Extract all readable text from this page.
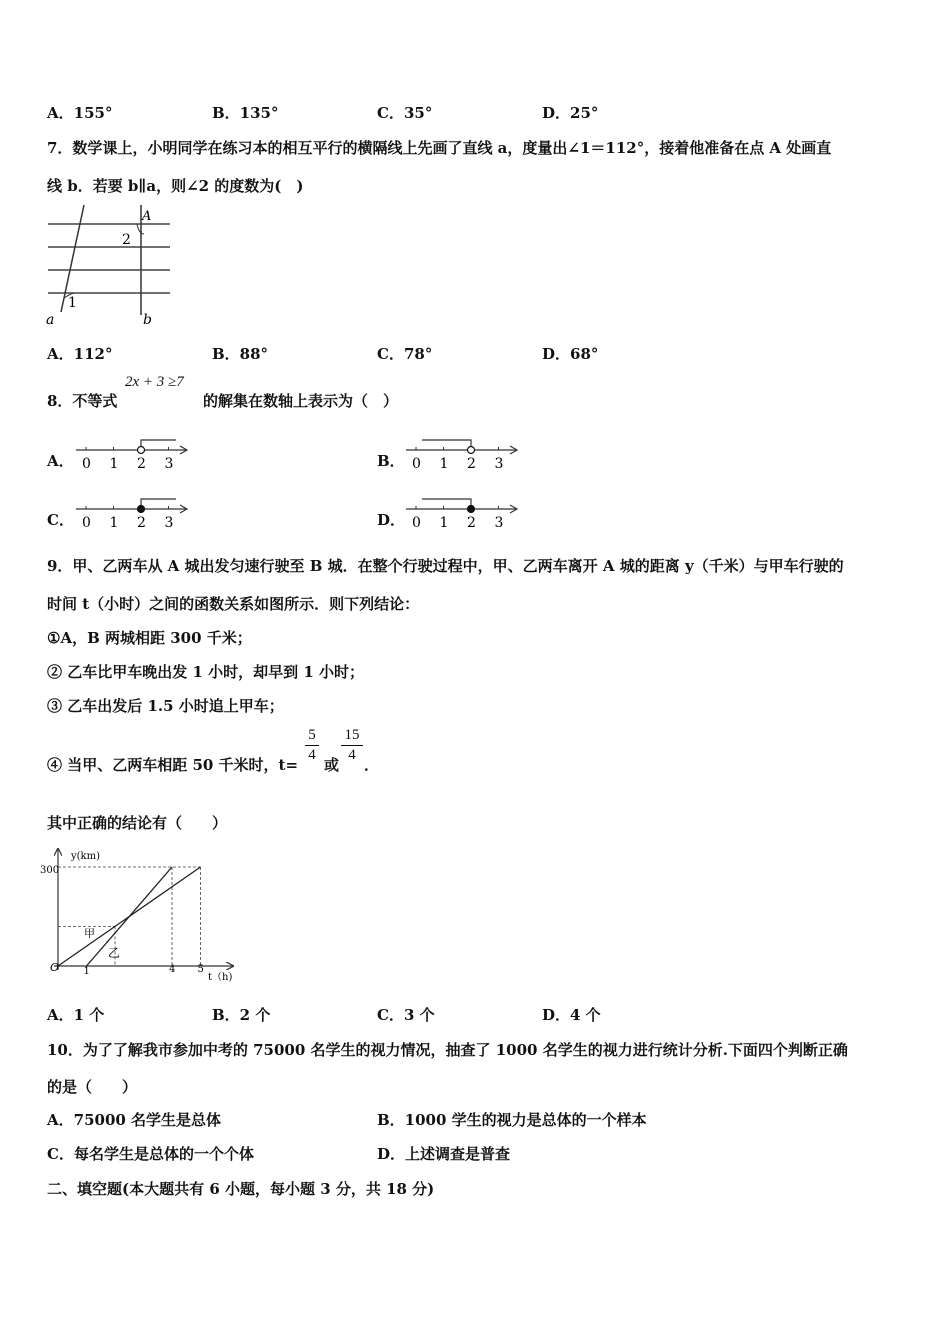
A．155°	B．135°	C．35°	D．25°
7．数学课上，小明同学在练习本的相互平行的横隔线上先画了直线 a，度量出∠1＝112°，接着他准备在点 A 处画直
线 b．若要 b∥a，则∠2 的度数为(　)
A
2
1
a	b
A．112°	B．88°	C．78°	D．68°
8．不等式
2x + 3 ≥7
的解集在数轴上表示为（　）
A． 0 1 2 3	B． 0 1 2 3
C． 0 1 2 3	D． 0 1 2 3
9．甲、乙两车从 A 城出发匀速行驶至 B 城．在整个行驶过程中，甲、乙两车离开 A 城的距离 y（千米）与甲车行驶的
时间 t（小时）之间的函数关系如图所示．则下列结论：
①A，B 两城相距 300 千米；
② 乙车比甲车晚出发 1 小时，却早到 1 小时；
③ 乙车出发后 1.5 小时追上甲车；
④ 当甲、乙两车相距 50 千米时，t=
5
4
或
15
4
．
其中正确的结论有（　　）
y(km)
t（h)
O
300
1	4 5
甲
乙
A．1 个	B．2 个	C．3 个	D．4 个
10．为了了解我市参加中考的 75000 名学生的视力情况，抽查了 1000 名学生的视力进行统计分析.下面四个判断正确
的是（　　）
A．75000 名学生是总体	B．1000 学生的视力是总体的一个样本
C．每名学生是总体的一个个体	D．上述调查是普查
二、填空题(本大题共有 6 小题，每小题 3 分，共 18 分)
